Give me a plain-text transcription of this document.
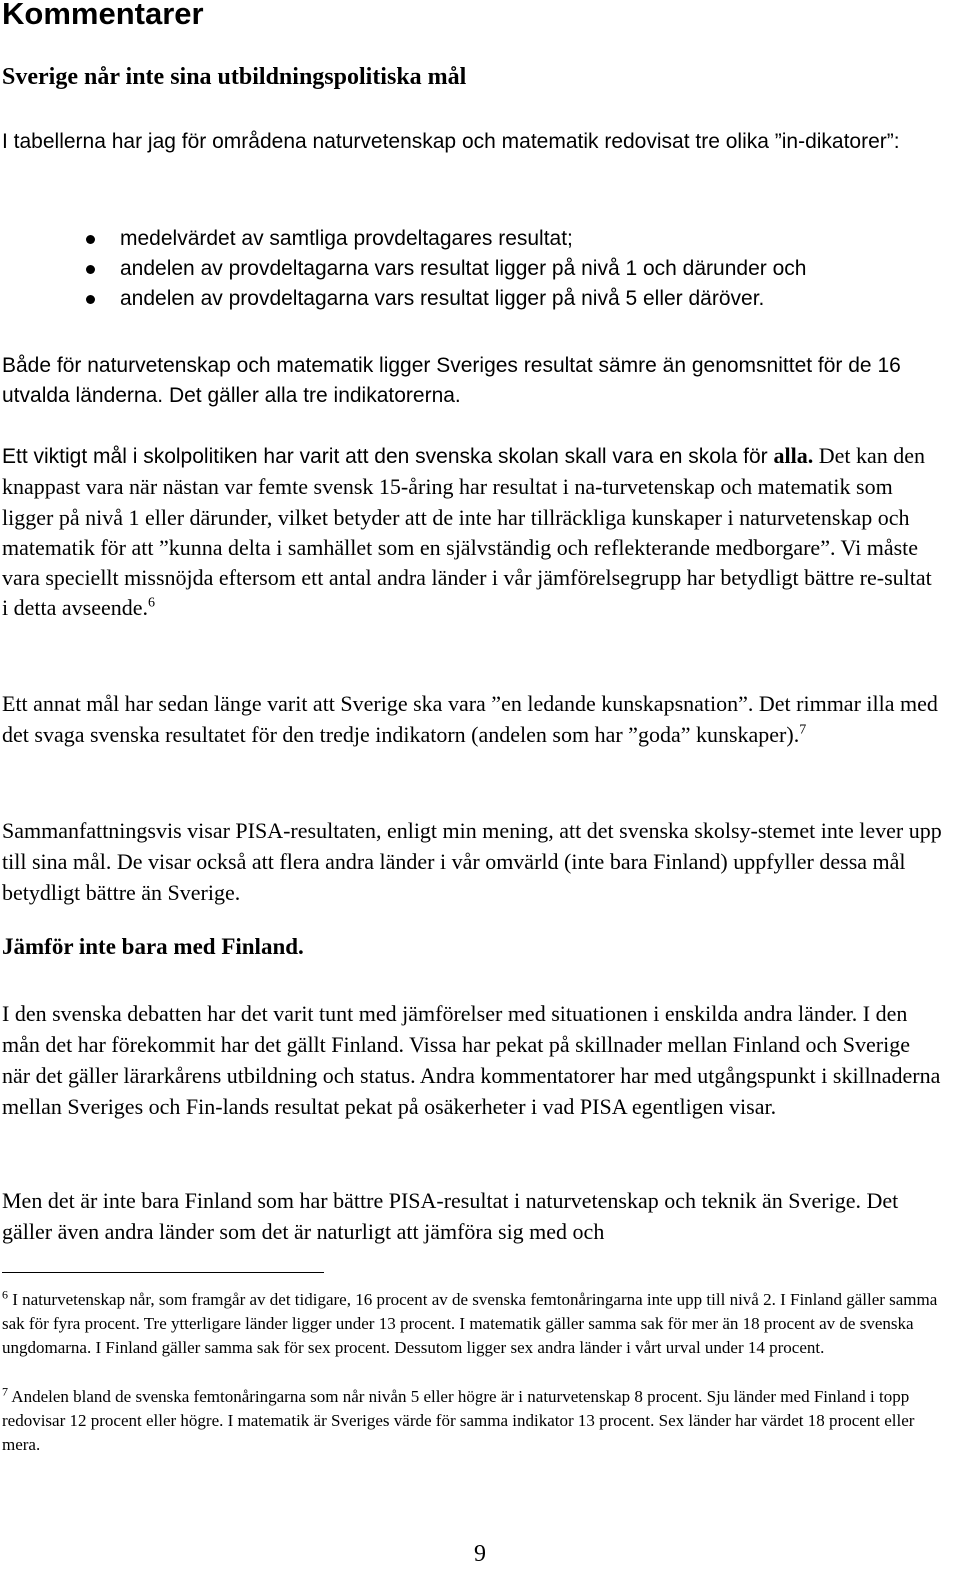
Kommentarer
Sverige når inte sina utbildningspolitiska mål

I tabellerna har jag för områdena naturvetenskap och matematik redovisat tre olika ”in-dikatorer”:

medelvärdet av samtliga provdeltagares resultat;
andelen av provdeltagarna vars resultat ligger på nivå 1 och därunder och
andelen av provdeltagarna vars resultat ligger på nivå 5 eller däröver.

Både för naturvetenskap och matematik ligger Sveriges resultat sämre än genomsnittet för de 16 utvalda länderna. Det gäller alla tre indikatorerna.

Ett viktigt mål i skolpolitiken har varit att den svenska skolan skall vara en skola för alla. Det kan den knappast vara när nästan var femte svensk 15-åring har resultat i na-turvetenskap och matematik som ligger på nivå 1 eller därunder, vilket betyder att de inte har tillräckliga kunskaper i naturvetenskap och matematik för att ”kunna delta i samhället som en självständig och reflekterande medborgare”. Vi måste vara speciellt missnöjda eftersom ett antal andra länder i vår jämförelsegrupp har betydligt bättre re-sultat i detta avseende.$^6$

Ett annat mål har sedan länge varit att Sverige ska vara ”en ledande kunskapsnation”. Det rimmar illa med det svaga svenska resultatet för den tredje indikatorn (andelen som har ”goda” kunskaper).$^7$

Sammanfattningsvis visar PISA-resultaten, enligt min mening, att det svenska skolsy-stemet inte lever upp till sina mål. De visar också att flera andra länder i vår omvärld (inte bara Finland) uppfyller dessa mål betydligt bättre än Sverige.

Jämför inte bara med Finland.

I den svenska debatten har det varit tunt med jämförelser med situationen i enskilda andra länder. I den mån det har förekommit har det gällt Finland. Vissa har pekat på skillnader mellan Finland och Sverige när det gäller lärarkårens utbildning och status. Andra kommentatorer har med utgångspunkt i skillnaderna mellan Sveriges och Fin-lands resultat pekat på osäkerheter i vad PISA egentligen visar.

Men det är inte bara Finland som har bättre PISA-resultat i naturvetenskap och teknik än Sverige. Det gäller även andra länder som det är naturligt att jämföra sig med och

$^6$ I naturvetenskap når, som framgår av det tidigare, 16 procent av de svenska femtonåringarna inte upp till nivå 2. I Finland gäller samma sak för fyra procent. Tre ytterligare länder ligger under 13 procent. I matematik gäller samma sak för mer än 18 procent av de svenska ungdomarna. I Finland gäller samma sak för sex procent. Dessutom ligger sex andra länder i vårt urval under 14 procent.

$^7$ Andelen bland de svenska femtonåringarna som når nivån 5 eller högre är i naturvetenskap 8 procent. Sju länder med Finland i topp redovisar 12 procent eller högre. I matematik är Sveriges värde för samma indikator 13 procent. Sex länder har värdet 18 procent eller mera.

9
